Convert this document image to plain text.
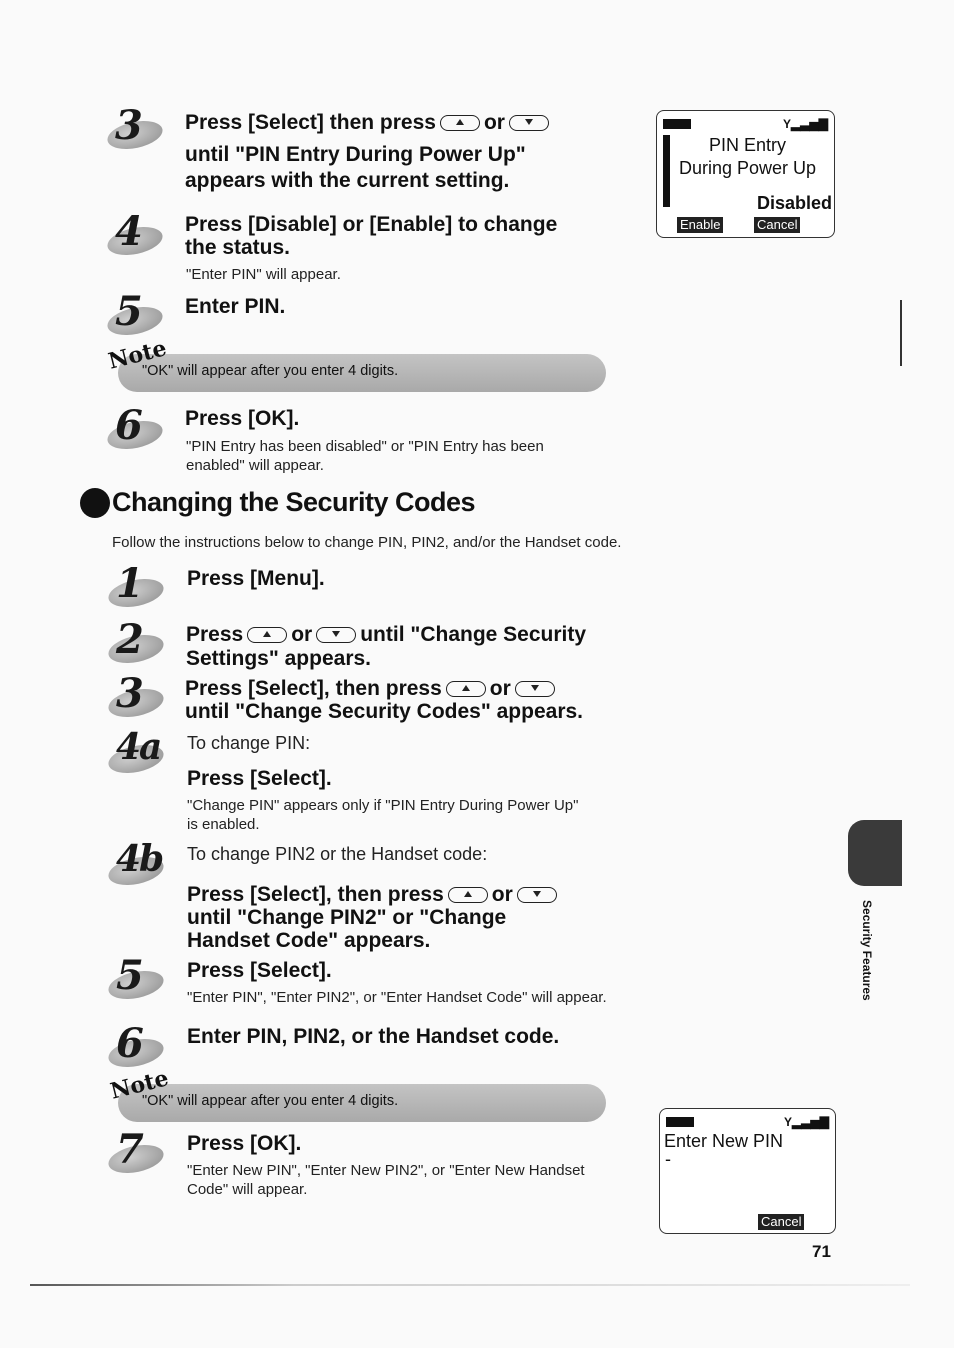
3 Press [Select] then press or
until "PIN Entry During Power Up"
appears with the current setting.
4 Press [Disable] or [Enable] to change
the status.
"Enter PIN" will appear.
5 Enter PIN.
"OK" will appear after you enter 4 digits.
Note
6 Press [OK].
"PIN Entry has been disabled" or "PIN Entry has been
enabled" will appear.
Changing the Security Codes
Follow the instructions below to change PIN, PIN2, and/or the Handset code.
1 Press [Menu].
2 Press or until "Change Security
Settings" appears.
3 Press [Select], then press or
until "Change Security Codes" appears.
4a To change PIN:
Press [Select].
"Change PIN" appears only if "PIN Entry During Power Up"
is enabled.
4b To change PIN2 or the Handset code:
Press [Select], then press or
until "Change PIN2" or "Change
Handset Code" appears.
5 Press [Select].
"Enter PIN", "Enter PIN2", or "Enter Handset Code" will appear.
6 Enter PIN, PIN2, or the Handset code.
"OK" will appear after you enter 4 digits.
Note
7 Press [OK].
"Enter New PIN", "Enter New PIN2", or "Enter New Handset
Code" will appear.
Y▂▃▅▇
PIN Entry
During Power Up
Disabled
Enable	Cancel
Y▂▃▅▇
Enter New PIN
-
Cancel
Security Features
71
